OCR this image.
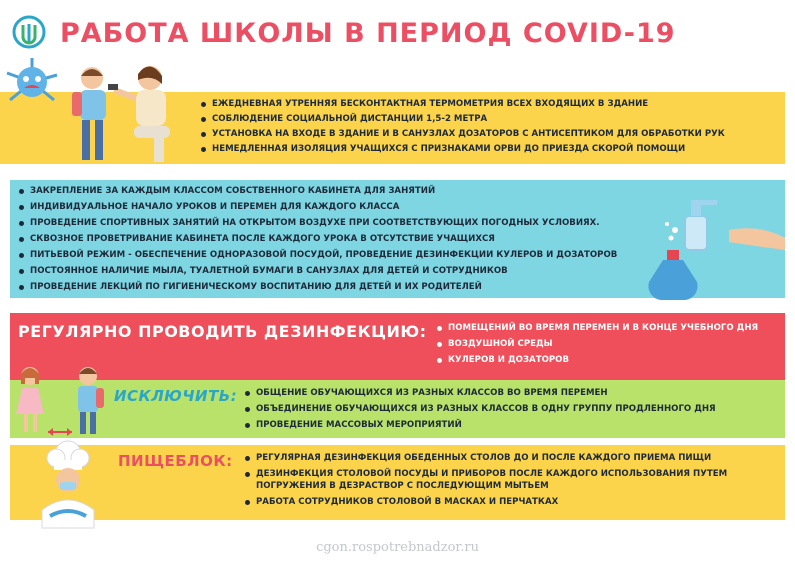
РАБОТА ШКОЛЫ В ПЕРИОД COVID-19
ЕЖЕДНЕВНАЯ УТРЕННЯЯ БЕСКОНТАКТНАЯ ТЕРМОМЕТРИЯ ВСЕХ ВХОДЯЩИХ В ЗДАНИЕ
СОБЛЮДЕНИЕ СОЦИАЛЬНОЙ ДИСТАНЦИИ 1,5-2 МЕТРА
УСТАНОВКА НА ВХОДЕ В ЗДАНИЕ И В САНУЗЛАХ ДОЗАТОРОВ С АНТИСЕПТИКОМ ДЛЯ ОБРАБОТКИ РУК
НЕМЕДЛЕННАЯ ИЗОЛЯЦИЯ УЧАЩИХСЯ С ПРИЗНАКАМИ ОРВИ ДО ПРИЕЗДА СКОРОЙ ПОМОЩИ
ЗАКРЕПЛЕНИЕ ЗА КАЖДЫМ КЛАССОМ СОБСТВЕННОГО КАБИНЕТА ДЛЯ ЗАНЯТИЙ
ИНДИВИДУАЛЬНОЕ НАЧАЛО УРОКОВ И ПЕРЕМЕН ДЛЯ КАЖДОГО КЛАССА
ПРОВЕДЕНИЕ СПОРТИВНЫХ ЗАНЯТИЙ НА ОТКРЫТОМ ВОЗДУХЕ ПРИ СООТВЕТСТВУЮЩИХ ПОГОДНЫХ УСЛОВИЯХ.
СКВОЗНОЕ ПРОВЕТРИВАНИЕ КАБИНЕТА ПОСЛЕ КАЖДОГО УРОКА В ОТСУТСТВИЕ УЧАЩИХСЯ
ПИТЬЕВОЙ РЕЖИМ - ОБЕСПЕЧЕНИЕ ОДНОРАЗОВОЙ ПОСУДОЙ, ПРОВЕДЕНИЕ ДЕЗИНФЕКЦИИ КУЛЕРОВ И ДОЗАТОРОВ
ПОСТОЯННОЕ НАЛИЧИЕ МЫЛА, ТУАЛЕТНОЙ БУМАГИ В САНУЗЛАХ ДЛЯ ДЕТЕЙ И СОТРУДНИКОВ
ПРОВЕДЕНИЕ ЛЕКЦИЙ ПО ГИГИЕНИЧЕСКОМУ ВОСПИТАНИЮ ДЛЯ ДЕТЕЙ И ИХ РОДИТЕЛЕЙ
РЕГУЛЯРНО ПРОВОДИТЬ ДЕЗИНФЕКЦИЮ:	ПОМЕЩЕНИЙ ВО ВРЕМЯ ПЕРЕМЕН И В КОНЦЕ УЧЕБНОГО ДНЯ
ВОЗДУШНОЙ СРЕДЫ
КУЛЕРОВ И ДОЗАТОРОВ
ИСКЛЮЧИТЬ:	ОБЩЕНИЕ ОБУЧАЮЩИХСЯ ИЗ РАЗНЫХ КЛАССОВ ВО ВРЕМЯ ПЕРЕМЕН
ОБЪЕДИНЕНИЕ ОБУЧАЮЩИХСЯ ИЗ РАЗНЫХ КЛАССОВ В ОДНУ ГРУППУ ПРОДЛЕННОГО ДНЯ
ПРОВЕДЕНИЕ МАССОВЫХ МЕРОПРИЯТИЙ
ПИЩЕБЛОК:	РЕГУЛЯРНАЯ ДЕЗИНФЕКЦИЯ ОБЕДЕННЫХ СТОЛОВ ДО И ПОСЛЕ КАЖДОГО ПРИЕМА ПИЩИ
ДЕЗИНФЕКЦИЯ СТОЛОВОЙ ПОСУДЫ И ПРИБОРОВ ПОСЛЕ КАЖДОГО ИСПОЛЬЗОВАНИЯ ПУТЕМ ПОГРУЖЕНИЯ В ДЕЗРАСТВОР С ПОСЛЕДУЮЩИМ МЫТЬЕМ
РАБОТА СОТРУДНИКОВ СТОЛОВОЙ В МАСКАХ И ПЕРЧАТКАХ
cgon.rospotrebnadzor.ru
